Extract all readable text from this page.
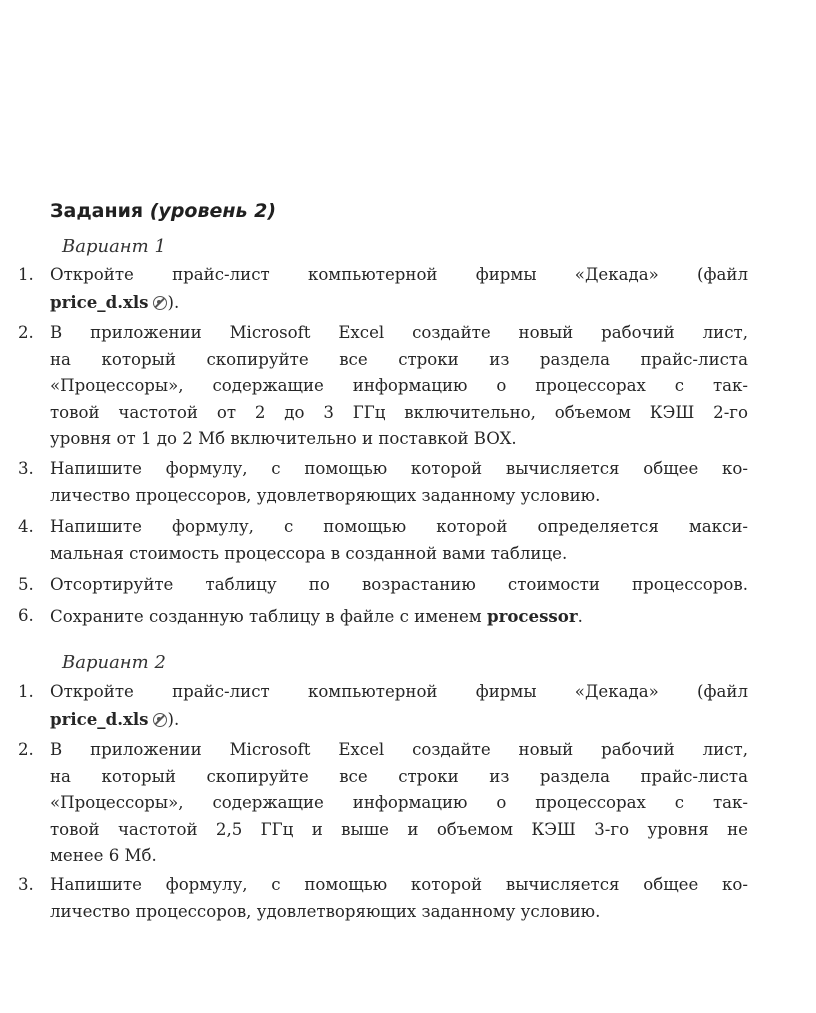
Задания (уровень 2)
Вариант 1
1. Откройте прайс-лист компьютерной фирмы «Декада» (файл
price_d.xls ).
2. В приложении Microsoft Excel создайте новый рабочий лист,
на который скопируйте все строки из раздела прайс-листа
«Процессоры», содержащие информацию о процессорах с так-
товой частотой от 2 до 3 ГГц включительно, объемом КЭШ 2-го
уровня от 1 до 2 Мб включительно и поставкой BOX.
3. Напишите формулу, с помощью которой вычисляется общее ко-
личество процессоров, удовлетворяющих заданному условию.
4. Напишите формулу, с помощью которой определяется макси-
мальная стоимость процессора в созданной вами таблице.
5. Отсортируйте таблицу по возрастанию стоимости процессоров.
6. Сохраните созданную таблицу в файле с именем processor.
Вариант 2
1. Откройте прайс-лист компьютерной фирмы «Декада» (файл
price_d.xls ).
2. В приложении Microsoft Excel создайте новый рабочий лист,
на который скопируйте все строки из раздела прайс-листа
«Процессоры», содержащие информацию о процессорах с так-
товой частотой 2,5 ГГц и выше и объемом КЭШ 3-го уровня не
менее 6 Мб.
3. Напишите формулу, с помощью которой вычисляется общее ко-
личество процессоров, удовлетворяющих заданному условию.
